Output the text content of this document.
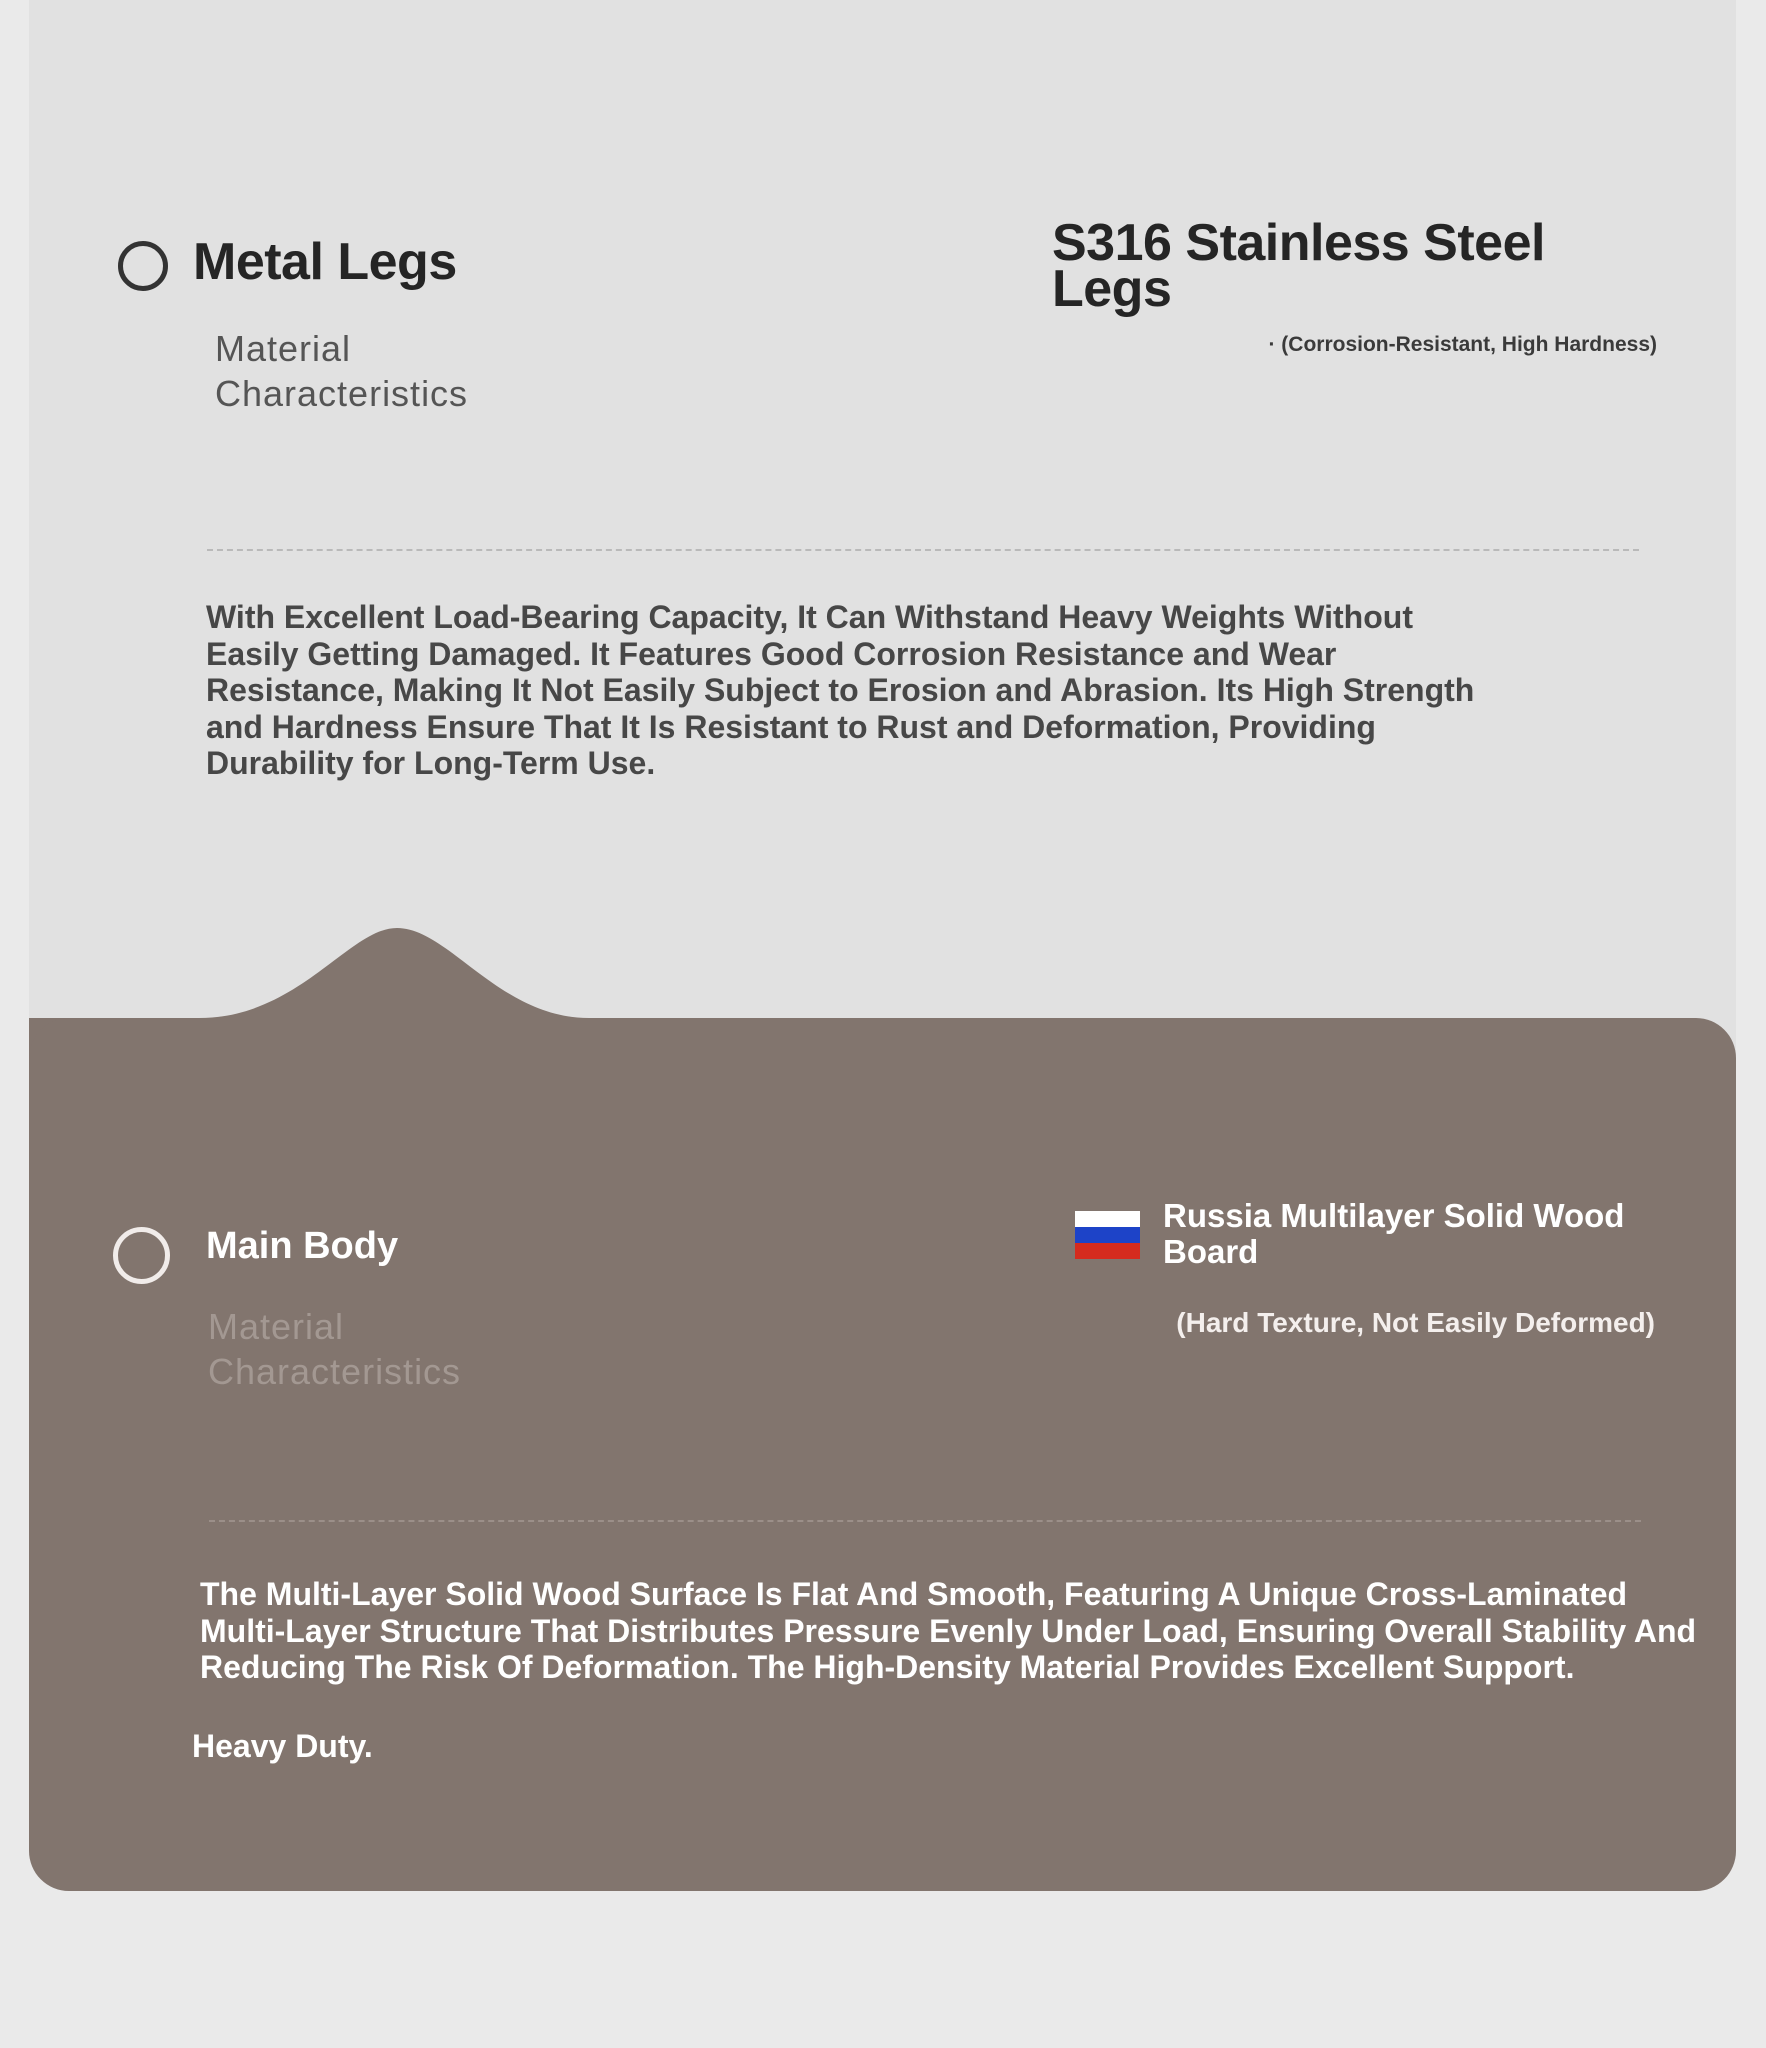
Metal Legs
Material
Characteristics
S316 Stainless Steel
Legs
· (Corrosion-Resistant, High Hardness)
With Excellent Load-Bearing Capacity, It Can Withstand Heavy Weights Without Easily Getting Damaged. It Features Good Corrosion Resistance and Wear Resistance, Making It Not Easily Subject to Erosion and Abrasion. Its High Strength and Hardness Ensure That It Is Resistant to Rust and Deformation, Providing Durability for Long-Term Use.
Main Body
Material
Characteristics
Russia Multilayer Solid Wood
Board
(Hard Texture, Not Easily Deformed)
The Multi-Layer Solid Wood Surface Is Flat And Smooth, Featuring A Unique Cross-Laminated Multi-Layer Structure That Distributes Pressure Evenly Under Load, Ensuring Overall Stability And Reducing The Risk Of Deformation. The High-Density Material Provides Excellent Support.
Heavy Duty.
